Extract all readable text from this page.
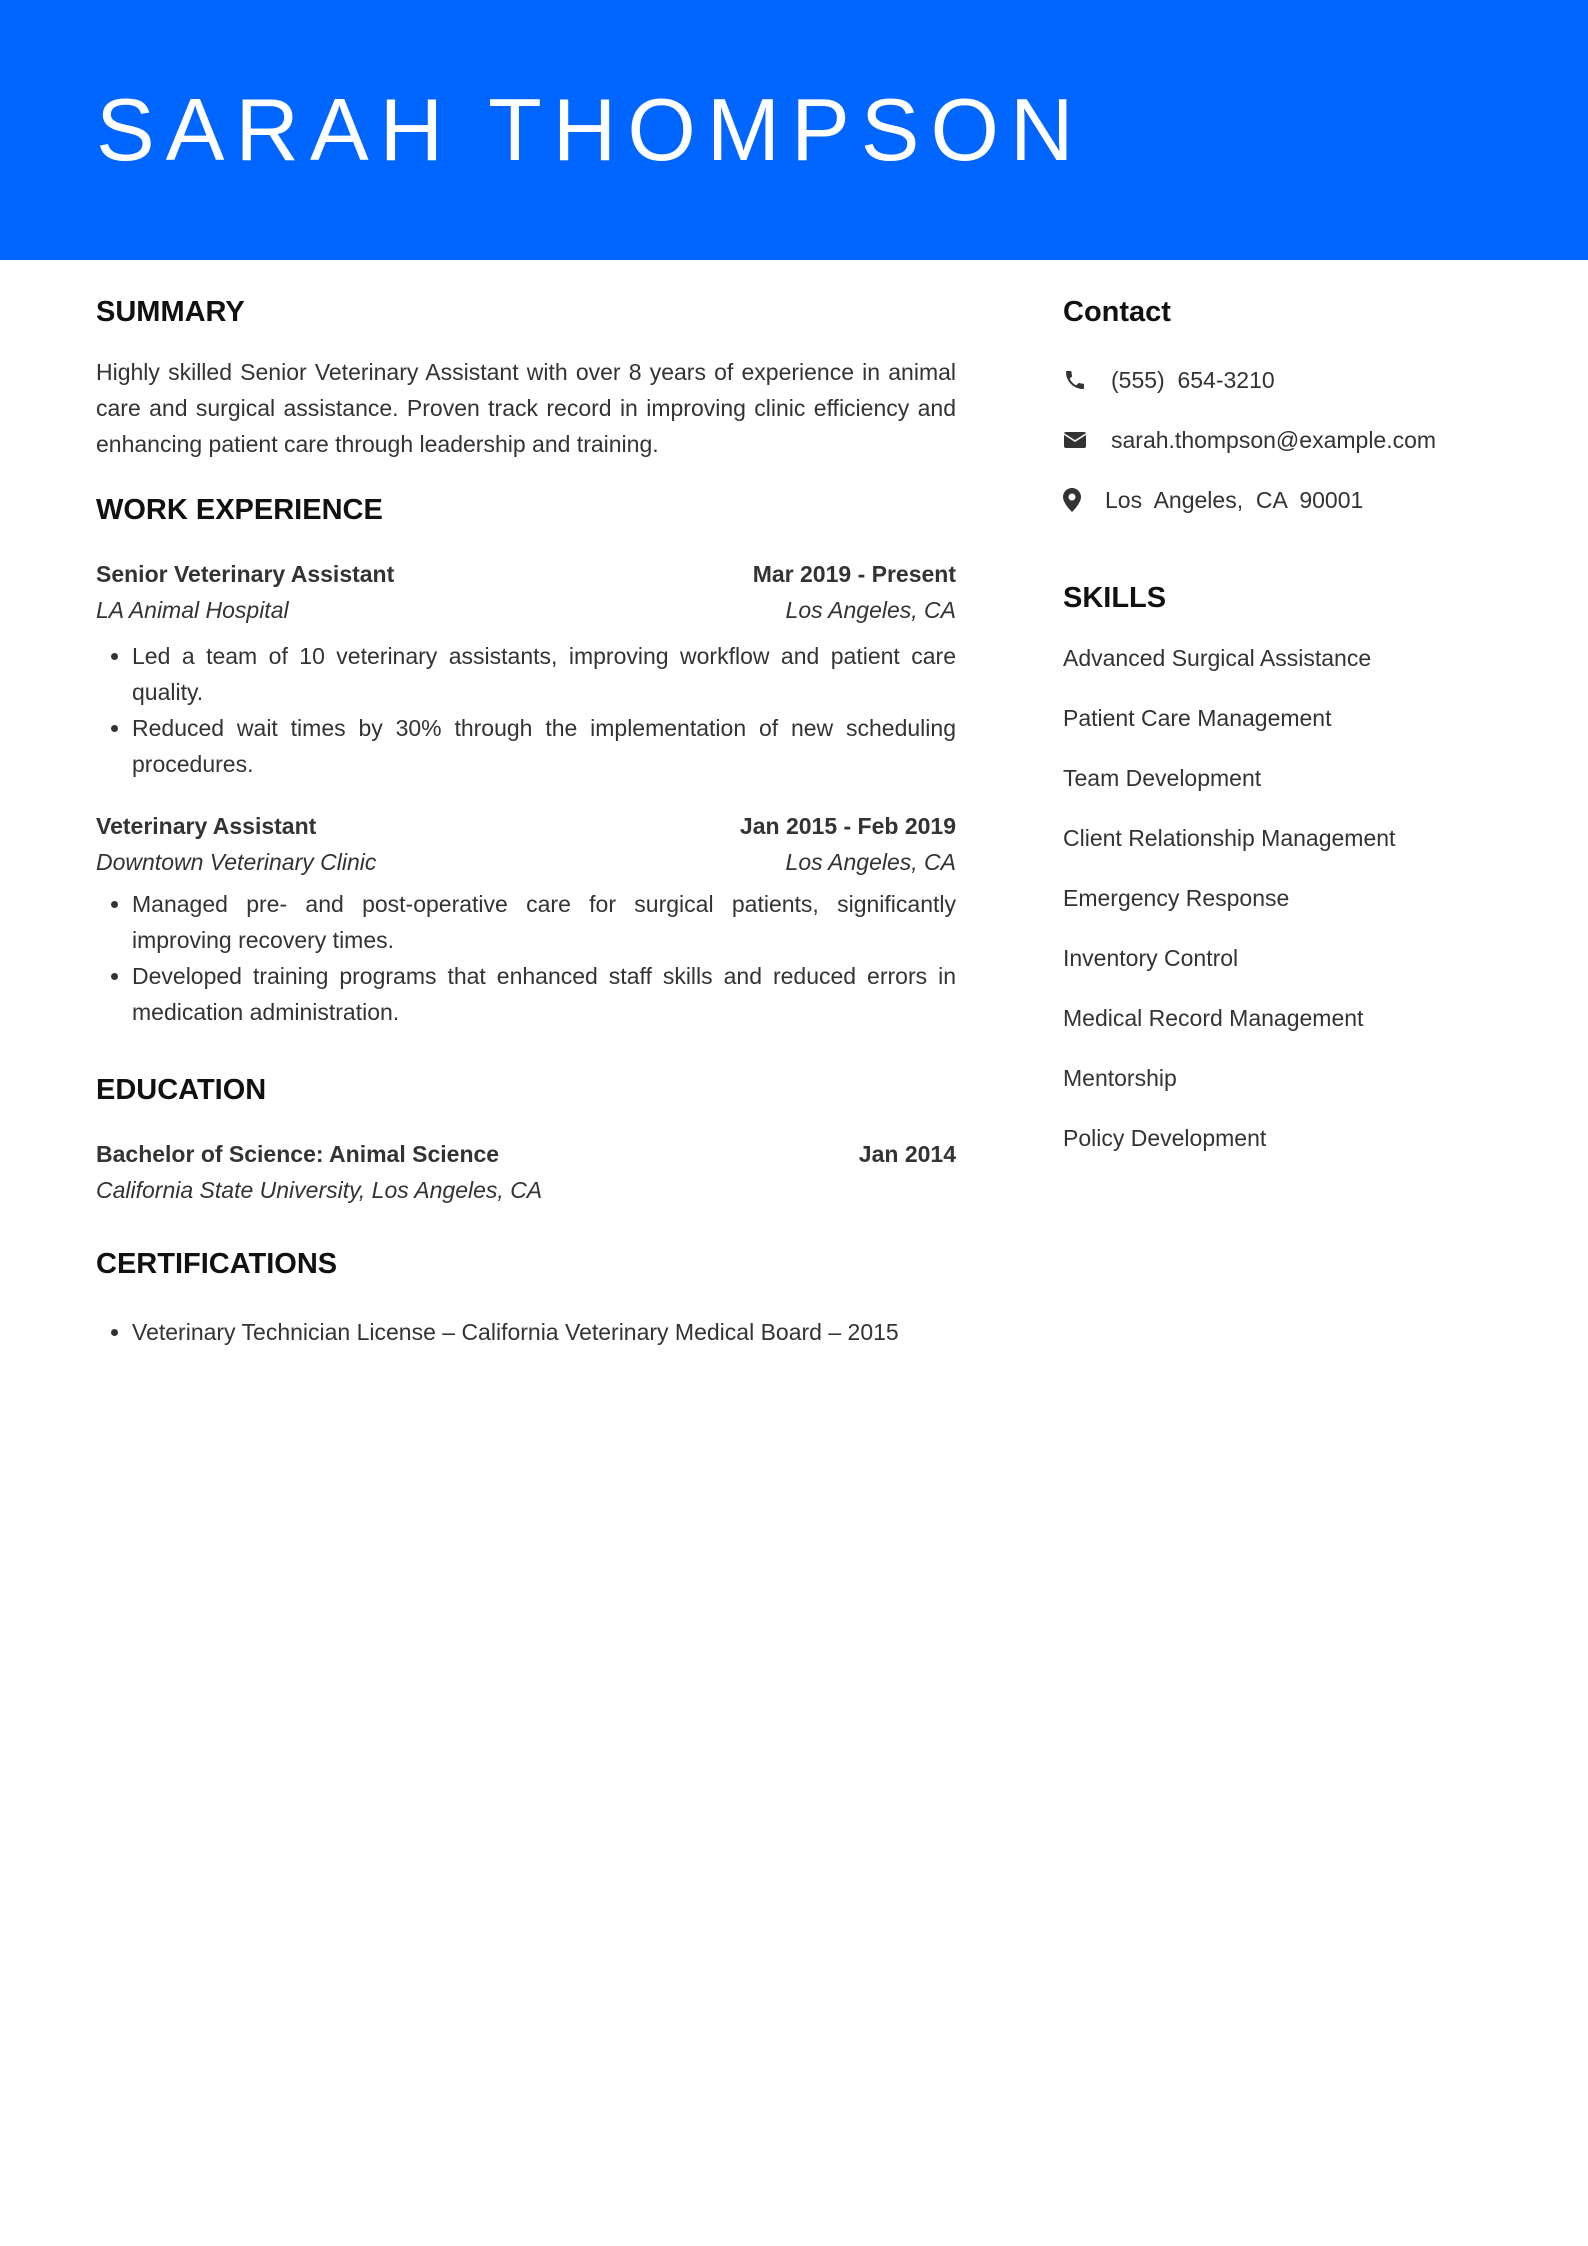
SARAH THOMPSON
SUMMARY

Highly skilled Senior Veterinary Assistant with over 8 years of experience in animal care and surgical assistance. Proven track record in improving clinic efficiency and enhancing patient care through leadership and training.

WORK EXPERIENCE
Senior Veterinary Assistant	Mar 2019 - Present
LA Animal Hospital	Los Angeles, CA
• Led a team of 10 veterinary assistants, improving workflow and patient care quality.
• Reduced wait times by 30% through the implementation of new scheduling procedures.
Veterinary Assistant	Jan 2015 - Feb 2019
Downtown Veterinary Clinic	Los Angeles, CA
• Managed pre- and post-operative care for surgical patients, significantly improving recovery times.
• Developed training programs that enhanced staff skills and reduced errors in medication administration.
EDUCATION
Bachelor of Science: Animal Science	Jan 2014
California State University, Los Angeles, CA
CERTIFICATIONS
• Veterinary Technician License – California Veterinary Medical Board – 2015
Contact
(555)  654-3210
sarah.thompson@example.com
Los  Angeles,  CA  90001
SKILLS
Advanced Surgical Assistance
Patient Care Management
Team Development
Client Relationship Management
Emergency Response
Inventory Control
Medical Record Management
Mentorship
Policy Development
